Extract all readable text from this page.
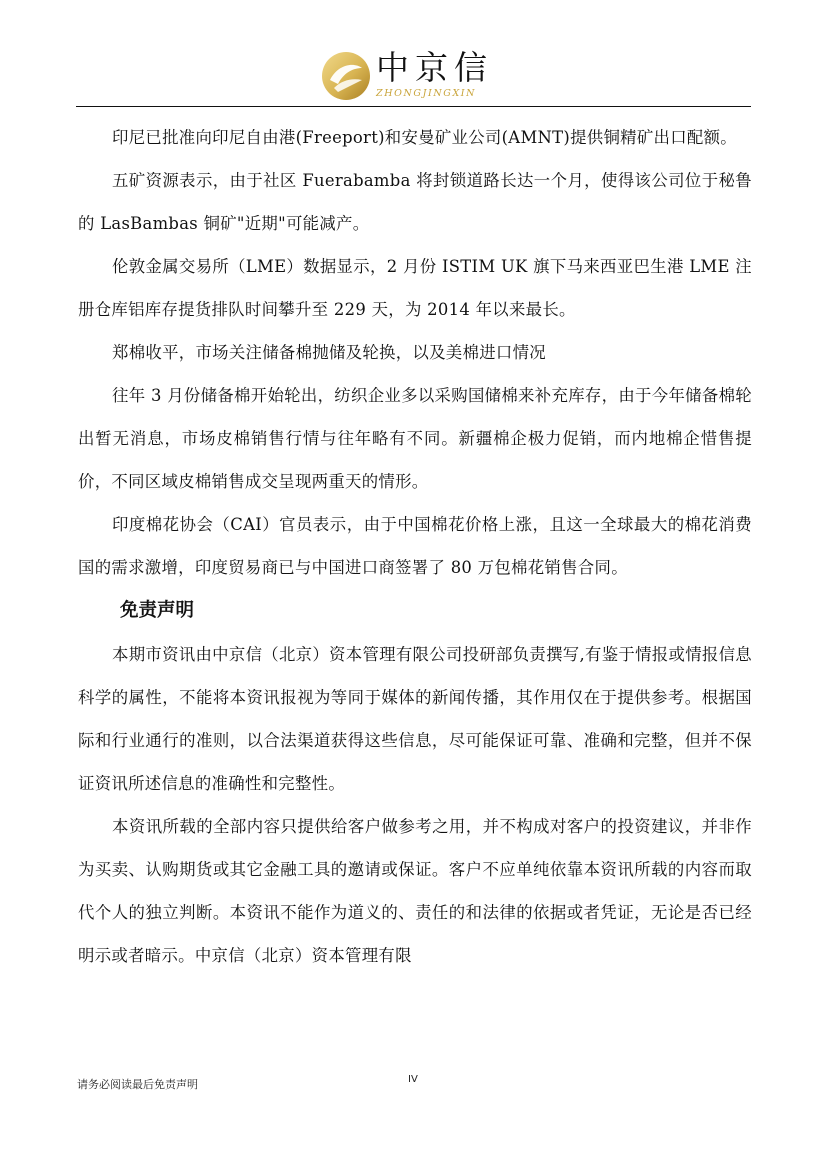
中京信
ZHONGJINGXIN

印尼已批准向印尼自由港(Freeport)和安曼矿业公司(AMNT)提供铜精矿出口配额。

五矿资源表示，由于社区 Fuerabamba 将封锁道路长达一个月，使得该公司位于秘鲁的 LasBambas 铜矿"近期"可能减产。

伦敦金属交易所（LME）数据显示，2 月份 ISTIM UK 旗下马来西亚巴生港 LME 注册仓库铝库存提货排队时间攀升至 229 天，为 2014 年以来最长。

郑棉收平，市场关注储备棉抛储及轮换，以及美棉进口情况

往年 3 月份储备棉开始轮出，纺织企业多以采购国储棉来补充库存，由于今年储备棉轮出暂无消息，市场皮棉销售行情与往年略有不同。新疆棉企极力促销，而内地棉企惜售提价，不同区域皮棉销售成交呈现两重天的情形。

印度棉花协会（CAI）官员表示，由于中国棉花价格上涨，且这一全球最大的棉花消费国的需求激增，印度贸易商已与中国进口商签署了 80 万包棉花销售合同。

免责声明

本期市资讯由中京信（北京）资本管理有限公司投研部负责撰写,有鉴于情报或情报信息科学的属性，不能将本资讯报视为等同于媒体的新闻传播，其作用仅在于提供参考。根据国际和行业通行的准则，以合法渠道获得这些信息，尽可能保证可靠、准确和完整，但并不保证资讯所述信息的准确性和完整性。

本资讯所载的全部内容只提供给客户做参考之用，并不构成对客户的投资建议，并非作为买卖、认购期货或其它金融工具的邀请或保证。客户不应单纯依靠本资讯所载的内容而取代个人的独立判断。本资讯不能作为道义的、责任的和法律的依据或者凭证，无论是否已经明示或者暗示。中京信（北京）资本管理有限

请务必阅读最后免责声明	IV
